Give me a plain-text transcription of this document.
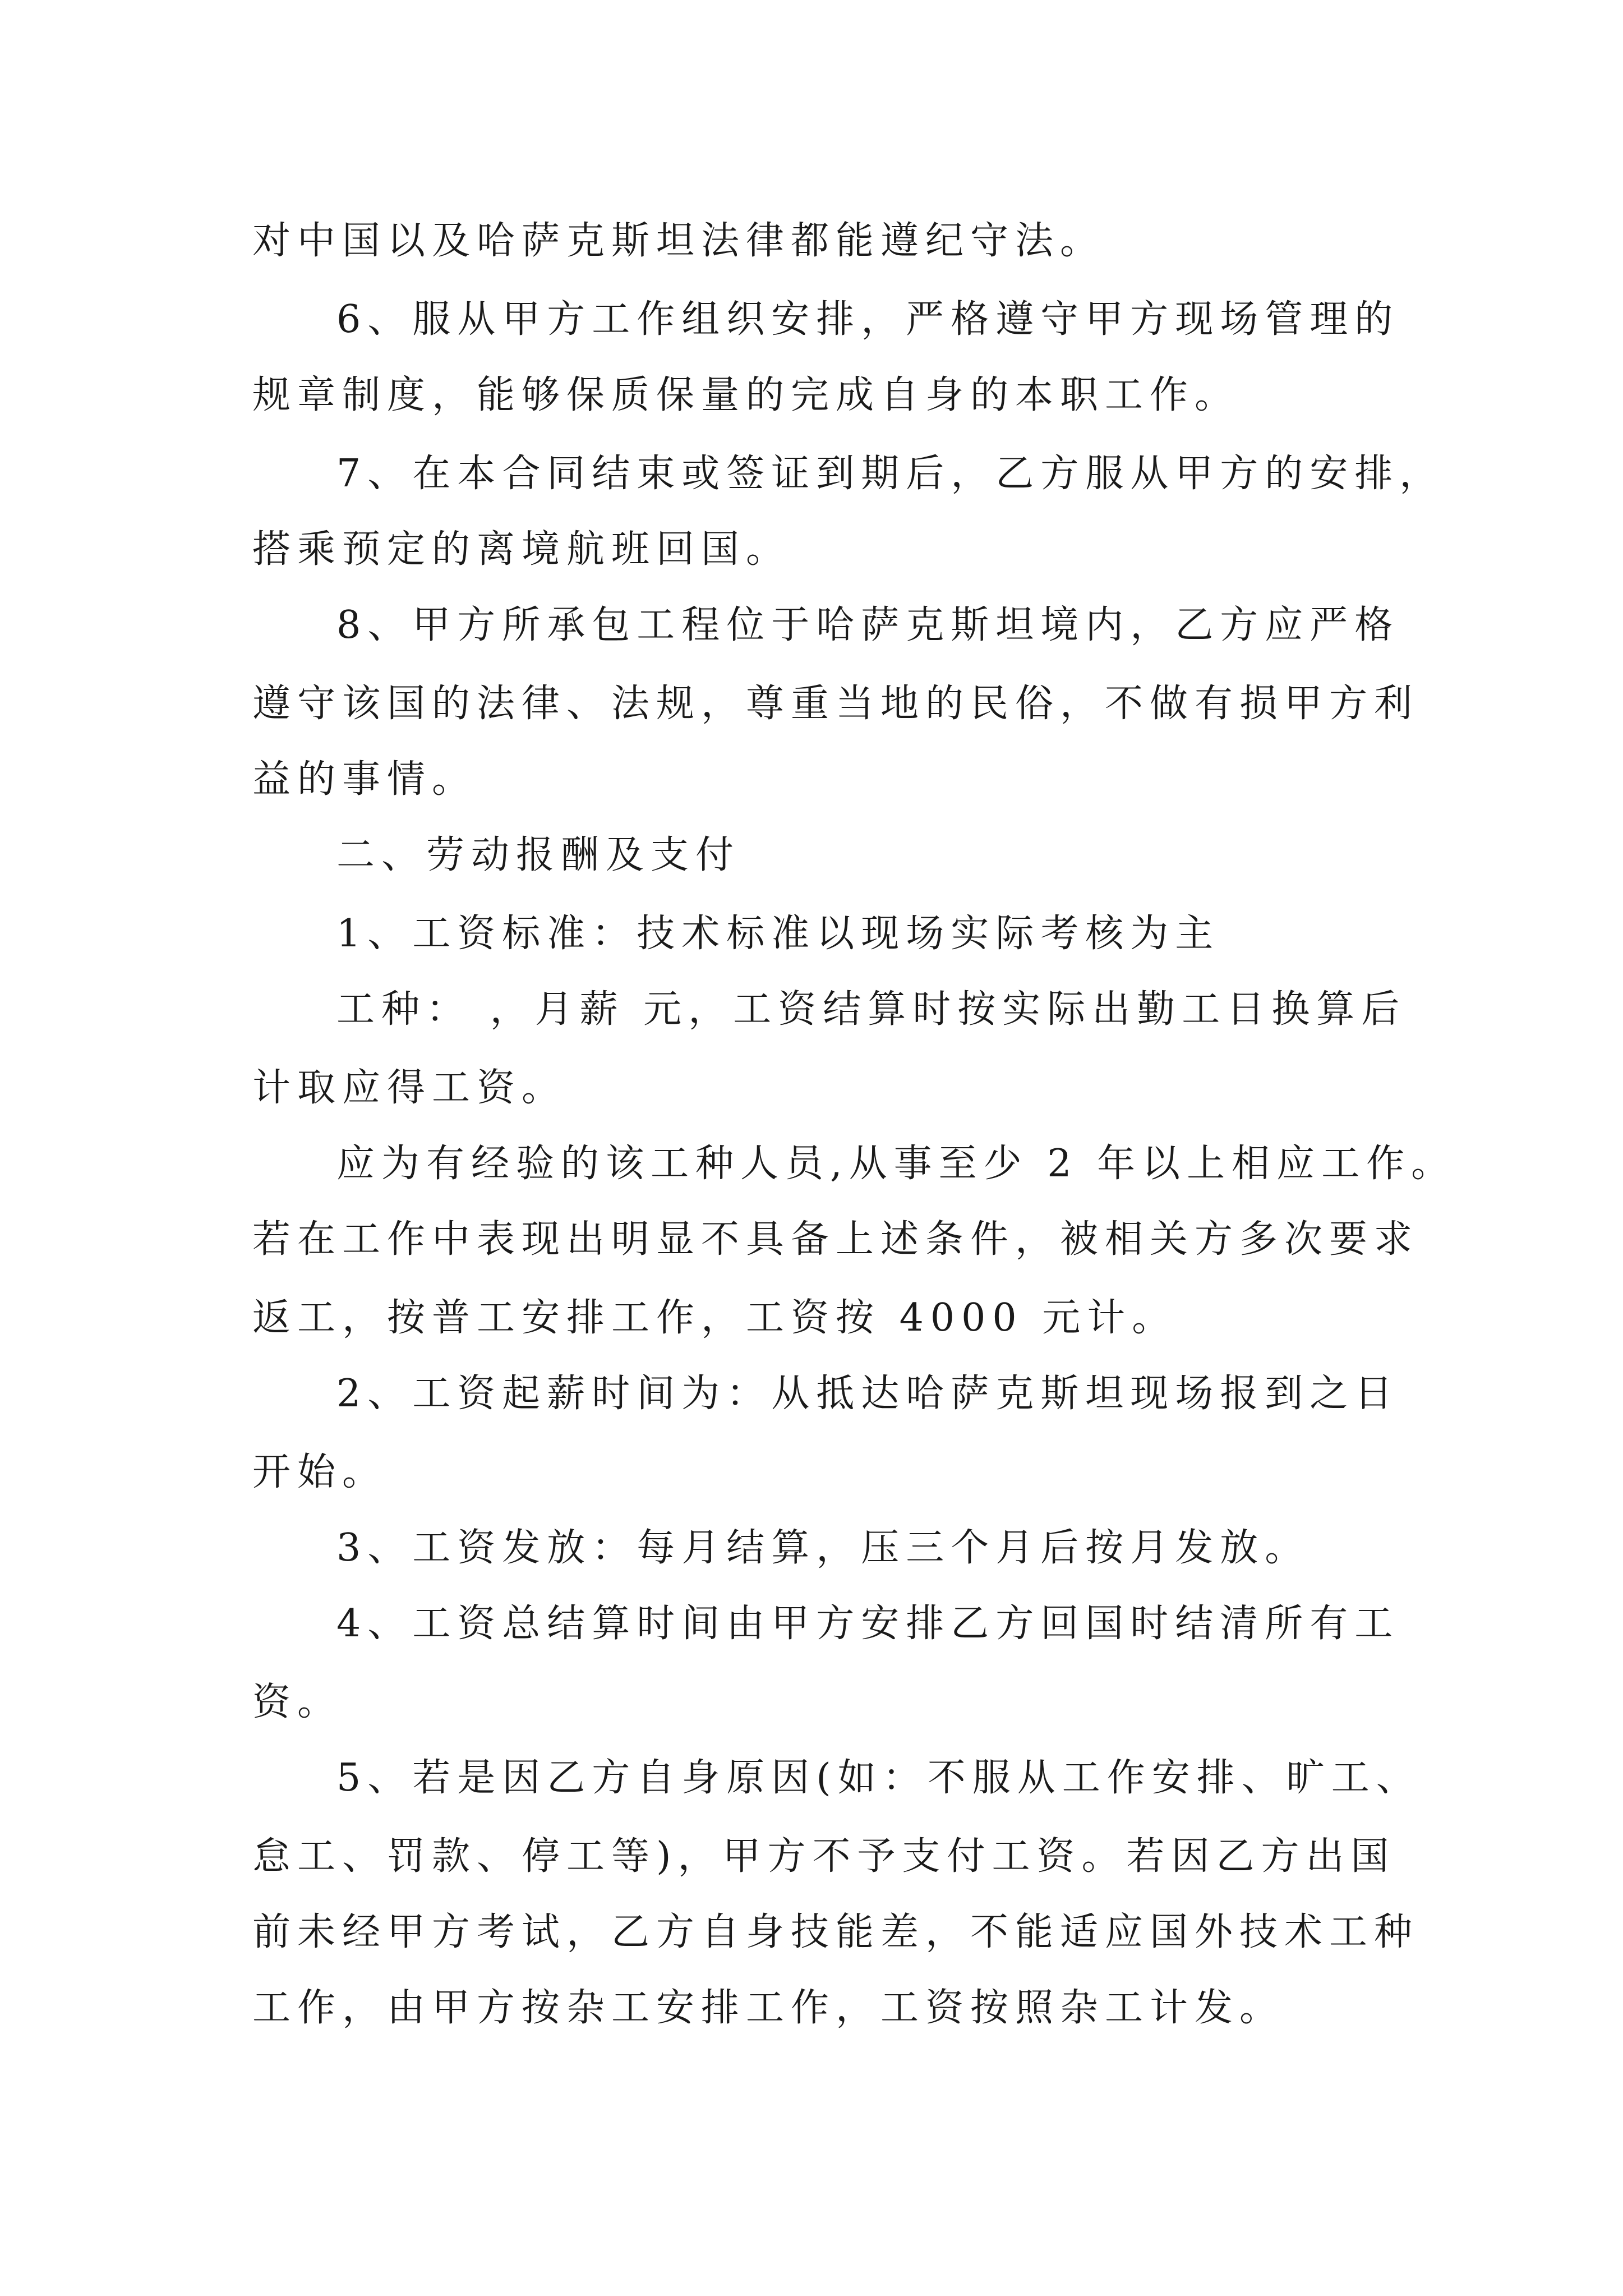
对中国以及哈萨克斯坦法律都能遵纪守法。
6、服从甲方工作组织安排，严格遵守甲方现场管理的
规章制度，能够保质保量的完成自身的本职工作。
7、在本合同结束或签证到期后，乙方服从甲方的安排，
搭乘预定的离境航班回国。
8、甲方所承包工程位于哈萨克斯坦境内，乙方应严格
遵守该国的法律、法规，尊重当地的民俗，不做有损甲方利
益的事情。
二、劳动报酬及支付
1、工资标准：技术标准以现场实际考核为主
工种： ，月薪 元，工资结算时按实际出勤工日换算后
计取应得工资。
应为有经验的该工种人员,从事至少 2 年以上相应工作。
若在工作中表现出明显不具备上述条件，被相关方多次要求
返工，按普工安排工作，工资按 4000 元计。
2、工资起薪时间为：从抵达哈萨克斯坦现场报到之日
开始。
3、工资发放：每月结算，压三个月后按月发放。
4、工资总结算时间由甲方安排乙方回国时结清所有工
资。
5、若是因乙方自身原因(如：不服从工作安排、旷工、
怠工、罚款、停工等)，甲方不予支付工资。若因乙方出国
前未经甲方考试，乙方自身技能差，不能适应国外技术工种
工作，由甲方按杂工安排工作，工资按照杂工计发。
